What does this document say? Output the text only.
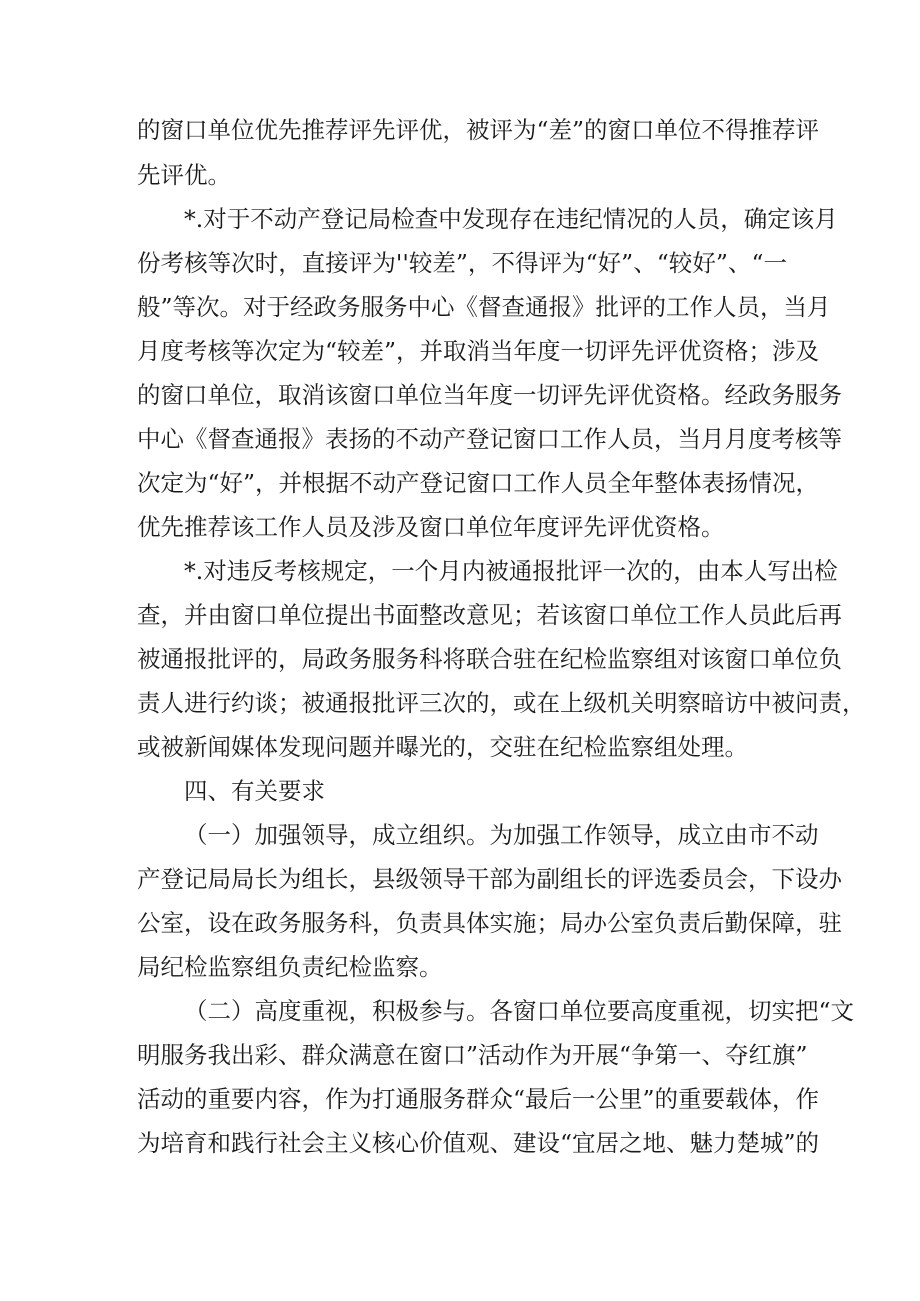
的窗口单位优先推荐评先评优，被评为“差”的窗口单位不得推荐评
先评优。
*.对于不动产登记局检查中发现存在违纪情况的人员，确定该月
份考核等次时，直接评为''较差”，不得评为“好”、“较好”、“一
般”等次。对于经政务服务中心《督查通报》批评的工作人员，当月
月度考核等次定为“较差”，并取消当年度一切评先评优资格；涉及
的窗口单位，取消该窗口单位当年度一切评先评优资格。经政务服务
中心《督查通报》表扬的不动产登记窗口工作人员，当月月度考核等
次定为“好”，并根据不动产登记窗口工作人员全年整体表扬情况，
优先推荐该工作人员及涉及窗口单位年度评先评优资格。
*.对违反考核规定，一个月内被通报批评一次的，由本人写出检
查，并由窗口单位提出书面整改意见；若该窗口单位工作人员此后再
被通报批评的，局政务服务科将联合驻在纪检监察组对该窗口单位负
责人进行约谈；被通报批评三次的，或在上级机关明察暗访中被问责，
或被新闻媒体发现问题并曝光的，交驻在纪检监察组处理。
四、有关要求
（一）加强领导，成立组织。为加强工作领导，成立由市不动
产登记局局长为组长，县级领导干部为副组长的评选委员会，下设办
公室，设在政务服务科，负责具体实施；局办公室负责后勤保障，驻
局纪检监察组负责纪检监察。
（二）高度重视，积极参与。各窗口单位要高度重视，切实把“文
明服务我出彩、群众满意在窗口”活动作为开展“争第一、夺红旗”
活动的重要内容，作为打通服务群众“最后一公里”的重要载体，作
为培育和践行社会主义核心价值观、建设“宜居之地、魅力楚城”的
